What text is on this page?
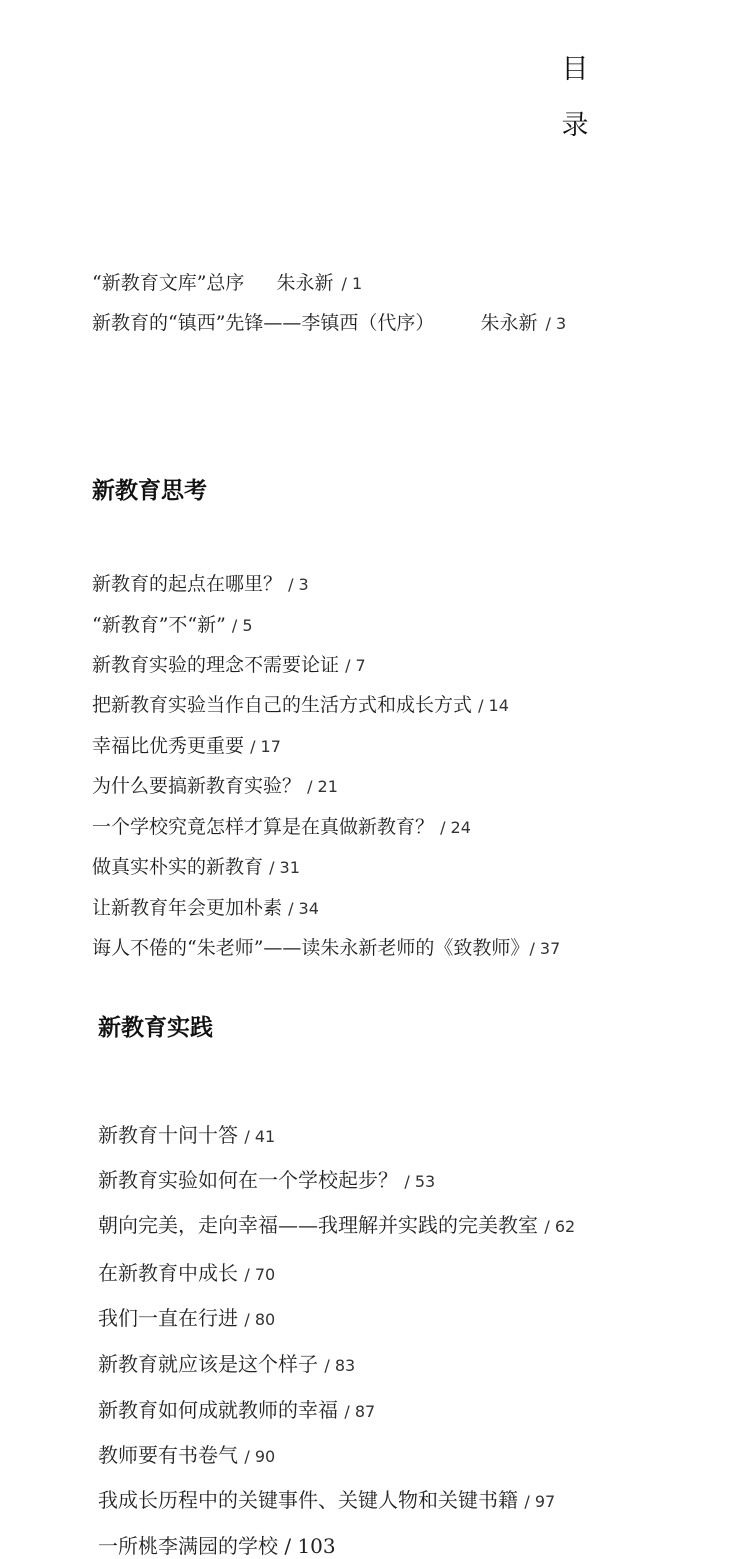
目
录
“新教育文库”总序 朱永新 / 1
新教育的“镇西”先锋——李镇西（代序） 朱永新 / 3
新教育思考
新教育的起点在哪里？ / 3
“新教育”不“新” / 5
新教育实验的理念不需要论证 / 7
把新教育实验当作自己的生活方式和成长方式 / 14
幸福比优秀更重要 / 17
为什么要搞新教育实验？ / 21
一个学校究竟怎样才算是在真做新教育？ / 24
做真实朴实的新教育 / 31
让新教育年会更加朴素 / 34
诲人不倦的“朱老师”——读朱永新老师的《致教师》/ 37
新教育实践
新教育十问十答 / 41
新教育实验如何在一个学校起步？ / 53
朝向完美，走向幸福——我理解并实践的完美教室 / 62
在新教育中成长 / 70
我们一直在行进 / 80
新教育就应该是这个样子 / 83
新教育如何成就教师的幸福 / 87
教师要有书卷气 / 90
我成长历程中的关键事件、关键人物和关键书籍 / 97
一所桃李满园的学校 / 103
